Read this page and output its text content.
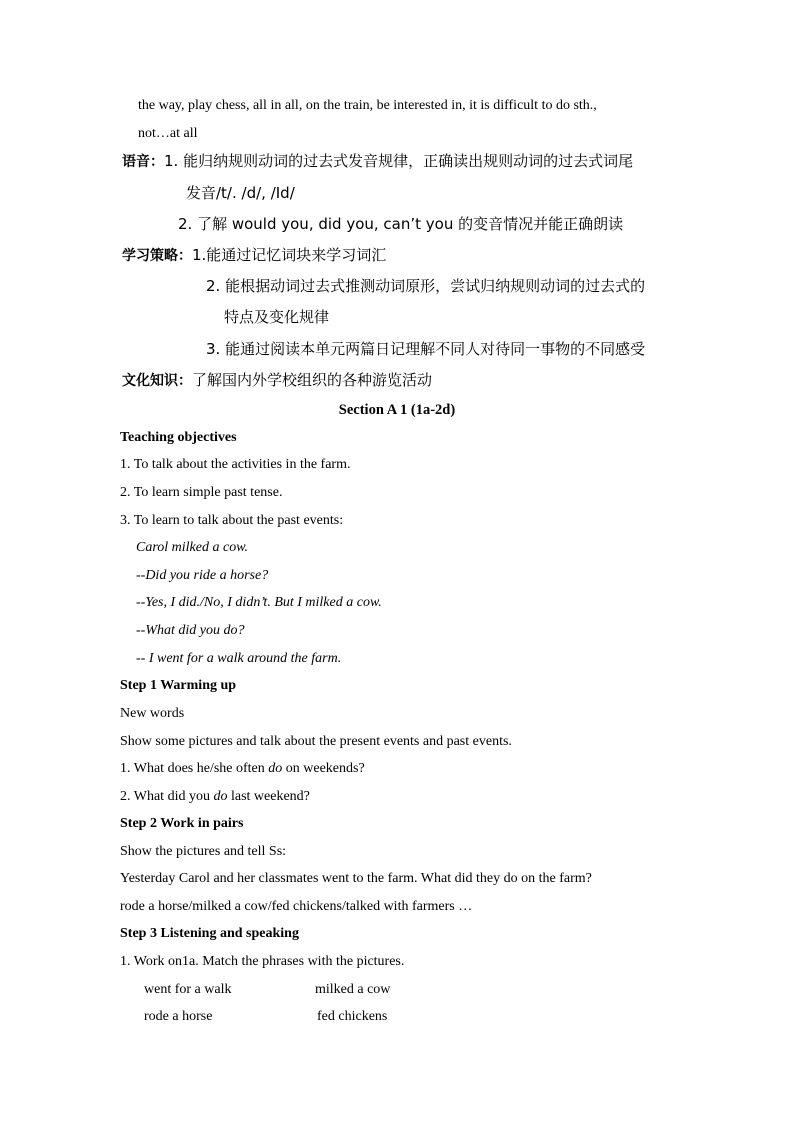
the way, play chess, all in all, on the train, be interested in, it is difficult to do sth.,
not…at all
语音：1. 能归纳规则动词的过去式发音规律，正确读出规则动词的过去式词尾
发音/t/. /d/, /Id/
2. 了解 would you, did you, can’t you 的变音情况并能正确朗读
学习策略：1.能通过记忆词块来学习词汇
2. 能根据动词过去式推测动词原形，尝试归纳规则动词的过去式的
特点及变化规律
3. 能通过阅读本单元两篇日记理解不同人对待同一事物的不同感受
文化知识：了解国内外学校组织的各种游览活动
Section A 1 (1a-2d)
Teaching objectives
1. To talk about the activities in the farm.
2. To learn simple past tense.
3. To learn to talk about the past events:
Carol milked a cow.
--Did you ride a horse?
--Yes, I did./No, I didn’t. But I milked a cow.
--What did you do?
-- I went for a walk around the farm.
Step 1 Warming up
New words
Show some pictures and talk about the present events and past events.
1. What does he/she often do on weekends?
2. What did you do last weekend?
Step 2 Work in pairs
Show the pictures and tell Ss:
Yesterday Carol and her classmates went to the farm. What did they do on the farm?
rode a horse/milked a cow/fed chickens/talked with farmers …
Step 3 Listening and speaking
1. Work on1a. Match the phrases with the pictures.
went for a walk	milked a cow
rode a horse	fed chickens
